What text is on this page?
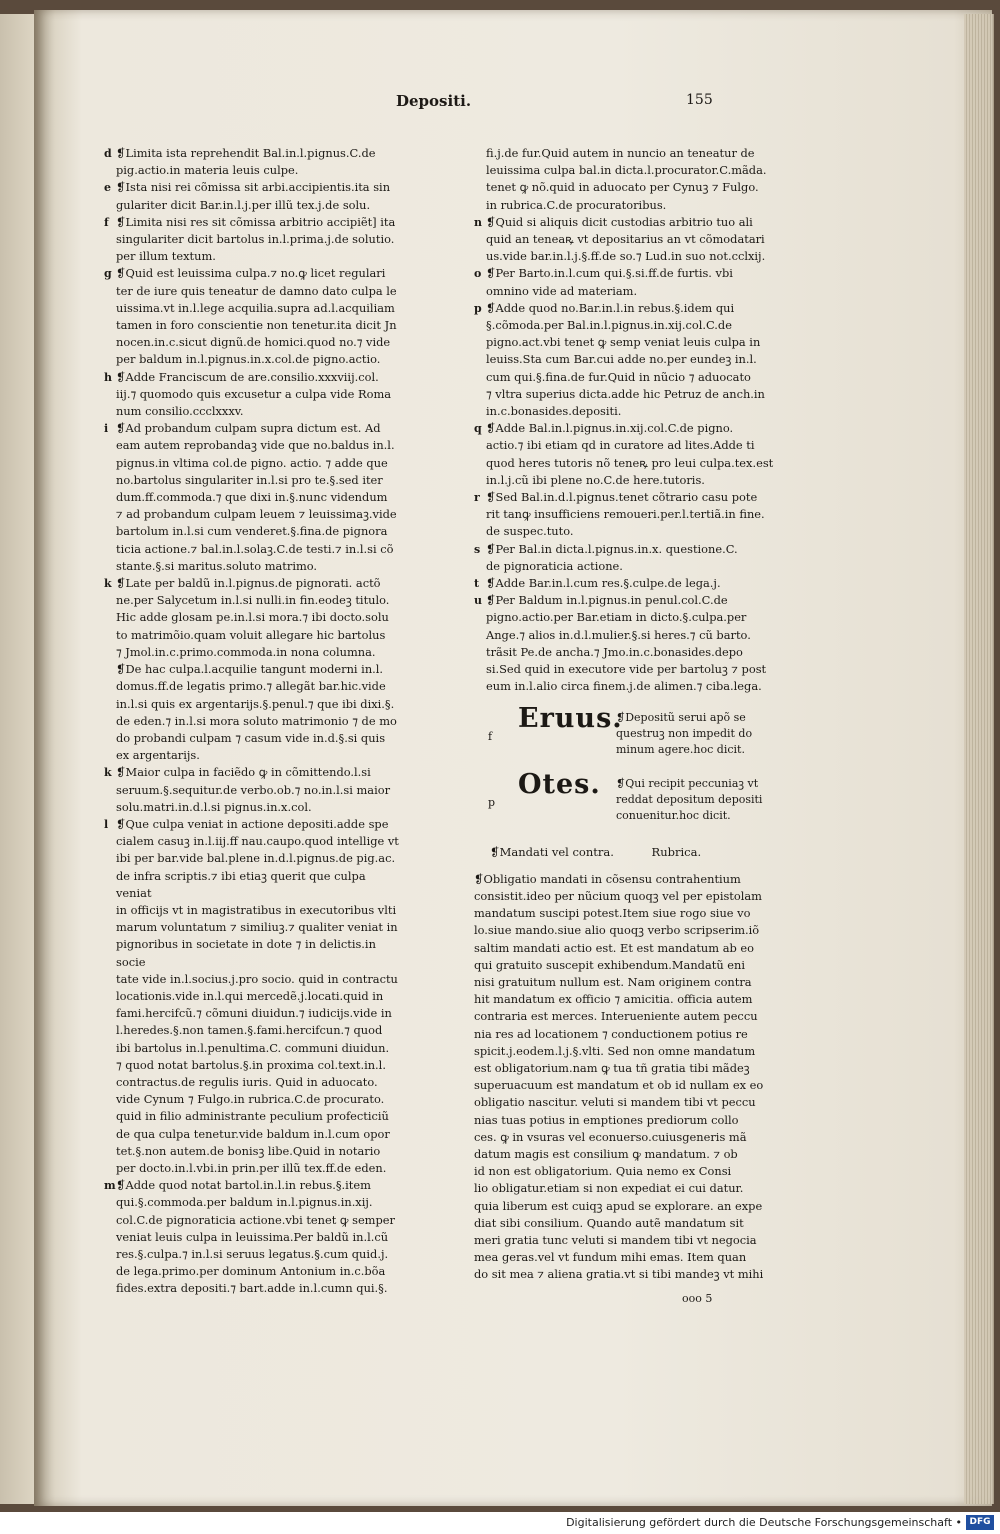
Depositi.	155
d ❡Limita ista reprehendit Bal.in.l.pignus.C.de
pig.actio.in materia leuis culpe.
e ❡Ista nisi rei cõmissa sit arbi.accipientis.ita sin
gulariter dicit Bar.in.l.j.per illũ tex.j.de solu.
f ❡Limita nisi res sit cõmissa arbitrio accipiẽt] ita
singulariter dicit bartolus in.l.prima.j.de solutio.
per illum textum.
g ❡Quid est leuissima culpa.⁊ no.ꝙ licet regulari
ter de iure quis teneatur de damno dato culpa le
uissima.vt in.l.lege acquilia.supra ad.l.acquiliam
tamen in foro conscientie non tenetur.ita dicit Jn
nocen.in.c.sicut dignũ.de homici.quod no.⁊ vide
per baldum in.l.pignus.in.x.col.de pigno.actio.
h ❡Adde Franciscum de are.consilio.xxxviij.col.
iij.⁊ quomodo quis excusetur a culpa vide Roma
num consilio.ccclxxxv.
i ❡Ad probandum culpam supra dictum est. Ad
eam autem reprobandaꝫ vide que no.baldus in.l.
pignus.in vltima col.de pigno. actio. ⁊ adde que
no.bartolus singulariter in.l.si pro te.§.sed iter
dum.ff.commoda.⁊ que dixi in.§.nunc videndum
⁊ ad probandum culpam leuem ⁊ leuissimaꝫ.vide
bartolum in.l.si cum venderet.§.fina.de pignora
ticia actione.⁊ bal.in.l.solaꝫ.C.de testi.⁊ in.l.si cõ
stante.§.si maritus.soluto matrimo.
k ❡Late per baldũ in.l.pignus.de pignorati. actõ
ne.per Salycetum in.l.si nulli.in fin.eodeꝫ titulo.
Hic adde glosam pe.in.l.si mora.⁊ ibi docto.solu
to matrimõio.quam voluit allegare hic bartolus
⁊ Jmol.in.c.primo.commoda.in nona columna.
❡De hac culpa.l.acquilie tangunt moderni in.l.
domus.ff.de legatis primo.⁊ allegãt bar.hic.vide
in.l.si quis ex argentarijs.§.penul.⁊ que ibi dixi.§.
de eden.⁊ in.l.si mora soluto matrimonio ⁊ de mo
do probandi culpam ⁊ casum vide in.d.§.si quis
ex argentarijs.
k ❡Maior culpa in faciẽdo ꝙ in cõmittendo.l.si
seruum.§.sequitur.de verbo.ob.⁊ no.in.l.si maior
solu.matri.in.d.l.si pignus.in.x.col.
l ❡Que culpa veniat in actione depositi.adde spe
cialem casuꝫ in.l.iij.ff nau.caupo.quod intellige vt
ibi per bar.vide bal.plene in.d.l.pignus.de pig.ac.
de infra scriptis.⁊ ibi etiaꝫ querit que culpa veniat
in officijs vt in magistratibus in executoribus vlti
marum voluntatum ⁊ similiuꝫ.⁊ qualiter veniat in
pignoribus in societate in dote ⁊ in delictis.in socie
tate vide in.l.socius.j.pro socio. quid in contractu
locationis.vide in.l.qui mercedẽ.j.locati.quid in
fami.hercifcũ.⁊ cõmuni diuidun.⁊ iudicijs.vide in
l.heredes.§.non tamen.§.fami.hercifcun.⁊ quod
ibi bartolus in.l.penultima.C. communi diuidun.
⁊ quod notat bartolus.§.in proxima col.text.in.l.
contractus.de regulis iuris. Quid in aduocato.
vide Cynum ⁊ Fulgo.in rubrica.C.de procurato.
quid in filio administrante peculium profecticiũ
de qua culpa tenetur.vide baldum in.l.cum opor
tet.§.non autem.de bonisꝫ libe.Quid in notario
per docto.in.l.vbi.in prin.per illũ tex.ff.de eden.
m ❡Adde quod notat bartol.in.l.in rebus.§.item
qui.§.commoda.per baldum in.l.pignus.in.xij.
col.C.de pignoraticia actione.vbi tenet ꝙ semper
veniat leuis culpa in leuissima.Per baldũ in.l.cũ
res.§.culpa.⁊ in.l.si seruus legatus.§.cum quid.j.
de lega.primo.per dominum Antonium in.c.bõa
fides.extra depositi.⁊ bart.adde in.l.cumn qui.§.
fi.j.de fur.Quid autem in nuncio an teneatur de
leuissima culpa bal.in dicta.l.procurator.C.mãda.
tenet ꝙ nõ.quid in aduocato per Cynuꝫ ⁊ Fulgo.
in rubrica.C.de procuratoribus.
n ❡Quid si aliquis dicit custodias arbitrio tuo ali
quid an teneaꝶ vt depositarius an vt cõmodatari
us.vide bar.in.l.j.§.ff.de so.⁊ Lud.in suo not.cclxij.
o ❡Per Barto.in.l.cum qui.§.si.ff.de furtis. vbi
omnino vide ad materiam.
p ❡Adde quod no.Bar.in.l.in rebus.§.idem qui
§.cõmoda.per Bal.in.l.pignus.in.xij.col.C.de
pigno.act.vbi tenet ꝙ semp veniat leuis culpa in
leuiss.Sta cum Bar.cui adde no.per eundeꝫ in.l.
cum qui.§.fina.de fur.Quid in nũcio ⁊ aduocato
⁊ vltra superius dicta.adde hic Petruz de anch.in
in.c.bonasides.depositi.
q ❡Adde Bal.in.l.pignus.in.xij.col.C.de pigno.
actio.⁊ ibi etiam qd in curatore ad lites.Adde ti
quod heres tutoris nõ teneꝶ pro leui culpa.tex.est
in.l.j.cũ ibi plene no.C.de here.tutoris.
r ❡Sed Bal.in.d.l.pignus.tenet cõtrario casu pote
rit tanꝙ insufficiens remoueri.per.l.tertiã.in fine.
de suspec.tuto.
s ❡Per Bal.in dicta.l.pignus.in.x. questione.C.
de pignoraticia actione.
t ❡Adde Bar.in.l.cum res.§.culpe.de lega.j.
u ❡Per Baldum in.l.pignus.in penul.col.C.de
pigno.actio.per Bar.etiam in dicto.§.culpa.per
Ange.⁊ alios in.d.l.mulier.§.si heres.⁊ cũ barto.
trãsit Pe.de ancha.⁊ Jmo.in.c.bonasides.depo
si.Sed quid in executore vide per bartoluꝫ ⁊ post
eum in.l.alio circa finem.j.de alimen.⁊ ciba.lega.
f
Eruus.
❡Depositũ serui apõ se
questruꝫ non impedit do
minum agere.hoc dicit.
p
Otes. ❡Qui recipit peccuniaꝫ vt
reddat depositum depositi
conuenitur.hoc dicit.
❡Mandati vel contra.	Rubrica.
❡Obligatio mandati in cõsensu contrahentium
consistit.ideo per nũcium quoqꝫ vel per epistolam
mandatum suscipi potest.Item siue rogo siue vo
lo.siue mando.siue alio quoqꝫ verbo scripserim.iõ
saltim mandati actio est. Et est mandatum ab eo
qui gratuito suscepit exhibendum.Mandatũ eni
nisi gratuitum nullum est. Nam originem contra
hit mandatum ex officio ⁊ amicitia. officia autem
contraria est merces. Interueniente autem peccu
nia res ad locationem ⁊ conductionem potius re
spicit.j.eodem.l.j.§.vlti. Sed non omne mandatum
est obligatorium.nam ꝙ tua tñ gratia tibi mãdeꝫ
superuacuum est mandatum et ob id nullam ex eo
obligatio nascitur. veluti si mandem tibi vt peccu
nias tuas potius in emptiones prediorum collo
ces. ꝙ in vsuras vel econuerso.cuiusgeneris mã
datum magis est consilium ꝙ mandatum. ⁊ ob
id non est obligatorium. Quia nemo ex Consi
lio obligatur.etiam si non expediat ei cui datur.
quia liberum est cuiqꝫ apud se explorare. an expe
diat sibi consilium. Quando autẽ mandatum sit
meri gratia tunc veluti si mandem tibi vt negocia
mea geras.vel vt fundum mihi emas. Item quan
do sit mea ⁊ aliena gratia.vt si tibi mandeꝫ vt mihi
ooo 5
Digitalisierung gefördert durch die Deutsche Forschungsgemeinschaft • DFG
